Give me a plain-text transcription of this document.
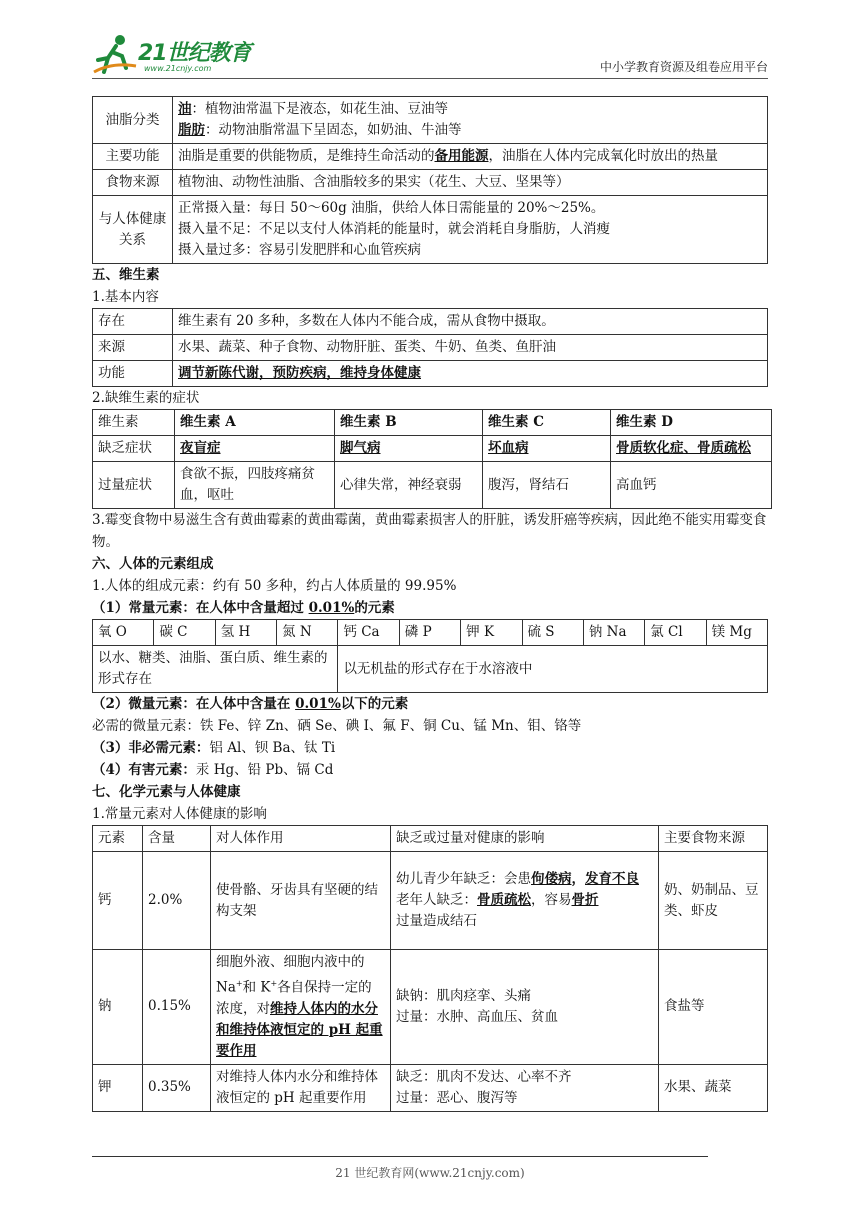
21世纪教育
www.21cnjy.com	中小学教育资源及组卷应用平台
油脂分类	油：植物油常温下是液态，如花生油、豆油等
脂肪：动物油脂常温下呈固态，如奶油、牛油等

主要功能	油脂是重要的供能物质，是维持生命活动的备用能源，油脂在人体内完成氧化时放出的热量
食物来源	植物油、动物性油脂、含油脂较多的果实（花生、大豆、坚果等）
与人体健康关系	正常摄入量：每日 50～60g 油脂，供给人体日需能量的 20%～25%。
摄入量不足：不足以支付人体消耗的能量时，就会消耗自身脂肪，人消瘦
摄入量过多：容易引发肥胖和心血管疾病
五、维生素
1.基本内容
存在	维生素有 20 多种，多数在人体内不能合成，需从食物中摄取。
来源	水果、蔬菜、种子食物、动物肝脏、蛋类、牛奶、鱼类、鱼肝油
功能	调节新陈代谢，预防疾病，维持身体健康
2.缺维生素的症状
维生素	维生素 A	维生素 B	维生素 C	维生素 D
缺乏症状	夜盲症	脚气病	坏血病	骨质软化症、骨质疏松
过量症状	食欲不振，四肢疼痛贫血，呕吐	心律失常，神经衰弱	腹泻，肾结石	高血钙
3.霉变食物中易滋生含有黄曲霉素的黄曲霉菌，黄曲霉素损害人的肝脏，诱发肝癌等疾病，因此绝不能实用霉变食物。
六、人体的元素组成
1.人体的组成元素：约有 50 多种，约占人体质量的 99.95%
（1）常量元素：在人体中含量超过 0.01%的元素
氧 O	碳 C	氢 H	氮 N	钙 Ca	磷 P	钾 K	硫 S	钠 Na	氯 Cl	镁 Mg
以水、糖类、油脂、蛋白质、维生素的形式存在				以无机盐的形式存在于水溶液中						
（2）微量元素：在人体中含量在 0.01%以下的元素
必需的微量元素：铁 Fe、锌 Zn、硒 Se、碘 I、氟 F、铜 Cu、锰 Mn、钼、铬等
（3）非必需元素：铝 Al、钡 Ba、钛 Ti
（4）有害元素：汞 Hg、铅 Pb、镉 Cd
七、化学元素与人体健康
1.常量元素对人体健康的影响
元素	含量	对人体作用	缺乏或过量对健康的影响	主要食物来源
钙	2.0%	使骨骼、牙齿具有坚硬的结构支架	幼儿青少年缺乏：会患佝偻病，发育不良
老年人缺乏：骨质疏松，容易骨折
过量造成结石	奶、奶制品、豆类、虾皮
钠	0.15%	细胞外液、细胞内液中的 Na+和 K+各自保持一定的浓度，对维持人体内的水分和维持体液恒定的 pH 起重要作用	缺钠：肌肉痉挛、头痛
过量：水肿、高血压、贫血	食盐等
钾	0.35%	对维持人体内水分和维持体液恒定的 pH 起重要作用	缺乏：肌肉不发达、心率不齐
过量：恶心、腹泻等	水果、蔬菜
21 世纪教育网(www.21cnjy.com)
